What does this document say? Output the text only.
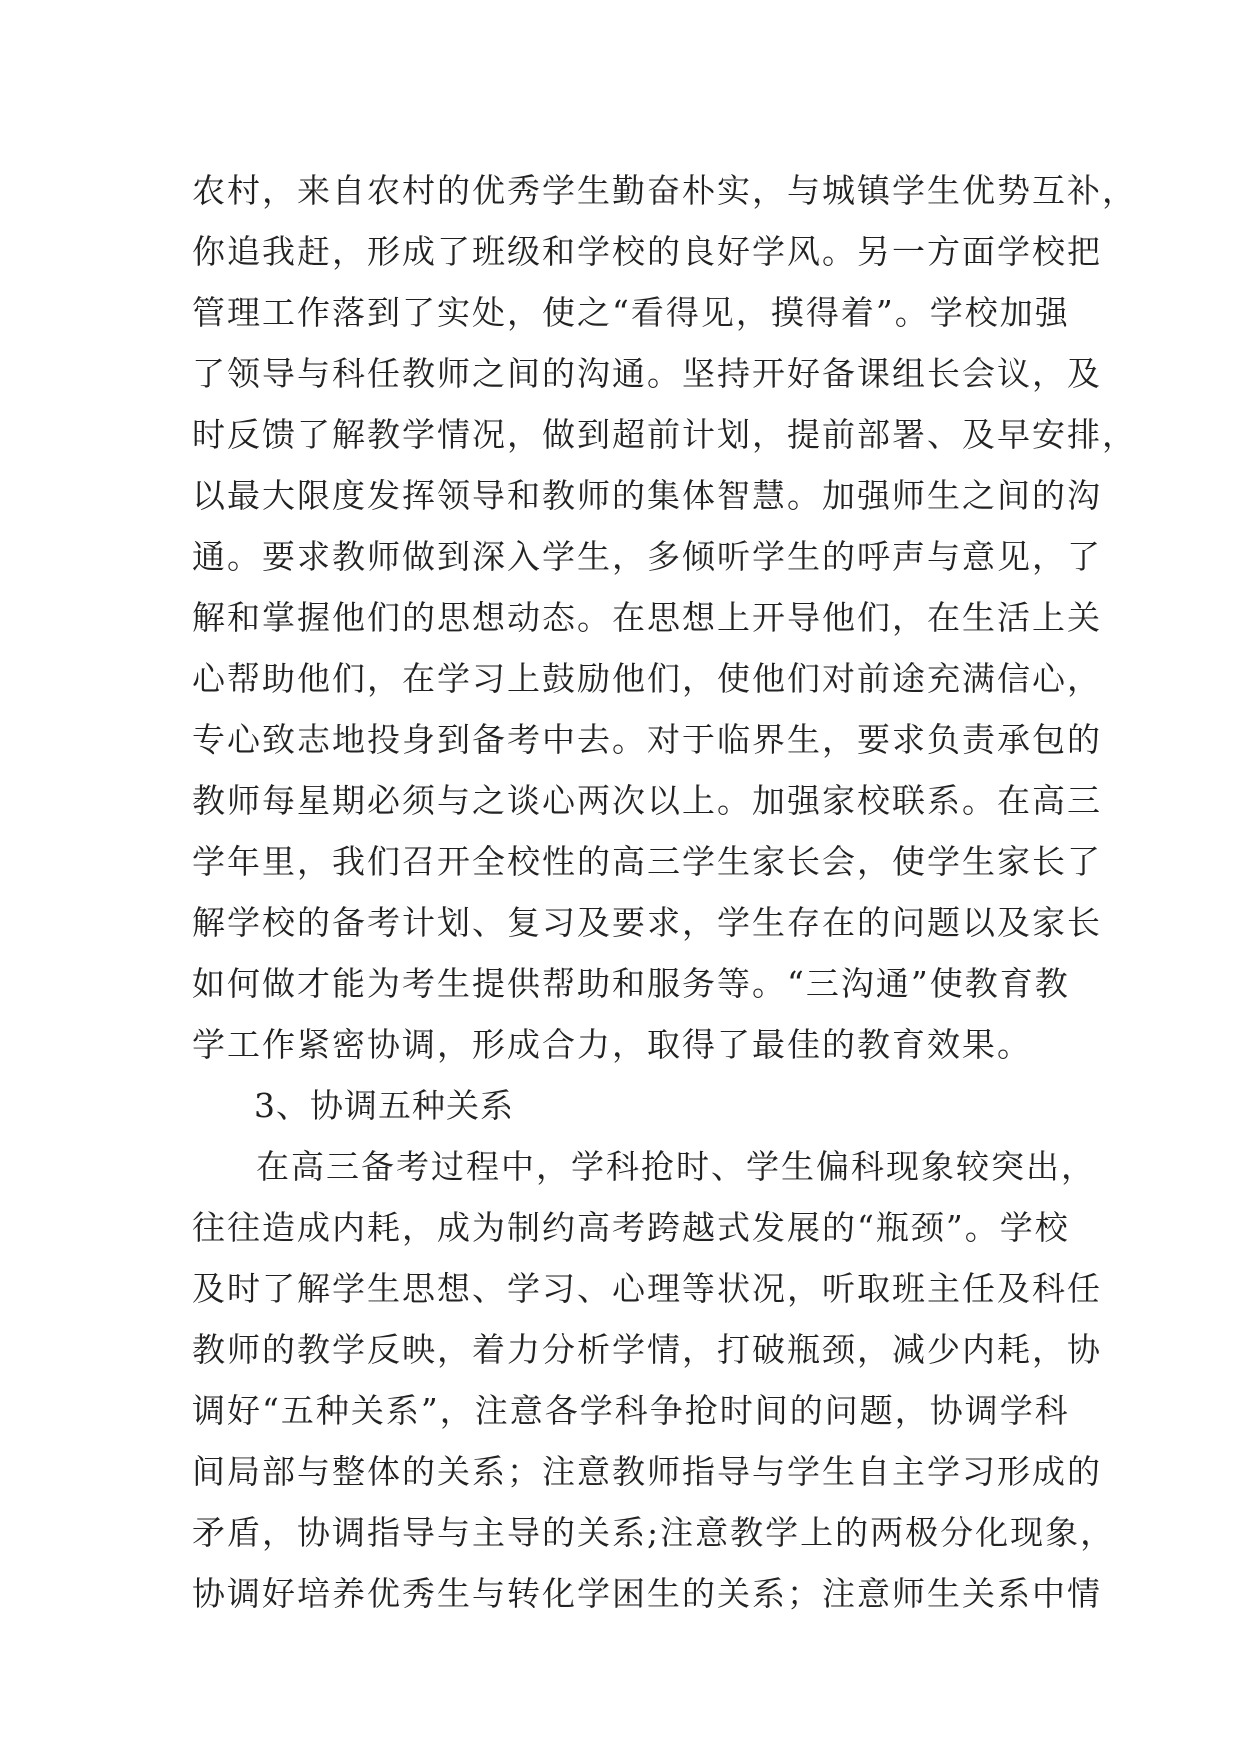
农村，来自农村的优秀学生勤奋朴实，与城镇学生优势互补，
你追我赶，形成了班级和学校的良好学风。另一方面学校把
管理工作落到了实处，使之“看得见，摸得着”。学校加强
了领导与科任教师之间的沟通。坚持开好备课组长会议，及
时反馈了解教学情况，做到超前计划，提前部署、及早安排，
以最大限度发挥领导和教师的集体智慧。加强师生之间的沟
通。要求教师做到深入学生，多倾听学生的呼声与意见，了
解和掌握他们的思想动态。在思想上开导他们，在生活上关
心帮助他们，在学习上鼓励他们，使他们对前途充满信心，
专心致志地投身到备考中去。对于临界生，要求负责承包的
教师每星期必须与之谈心两次以上。加强家校联系。在高三
学年里，我们召开全校性的高三学生家长会，使学生家长了
解学校的备考计划、复习及要求，学生存在的问题以及家长
如何做才能为考生提供帮助和服务等。“三沟通”使教育教
学工作紧密协调，形成合力，取得了最佳的教育效果。
3、协调五种关系
在高三备考过程中，学科抢时、学生偏科现象较突出，
往往造成内耗，成为制约高考跨越式发展的“瓶颈”。学校
及时了解学生思想、学习、心理等状况，听取班主任及科任
教师的教学反映，着力分析学情，打破瓶颈，减少内耗，协
调好“五种关系”，注意各学科争抢时间的问题，协调学科
间局部与整体的关系；注意教师指导与学生自主学习形成的
矛盾，协调指导与主导的关系;注意教学上的两极分化现象，
协调好培养优秀生与转化学困生的关系；注意师生关系中情
